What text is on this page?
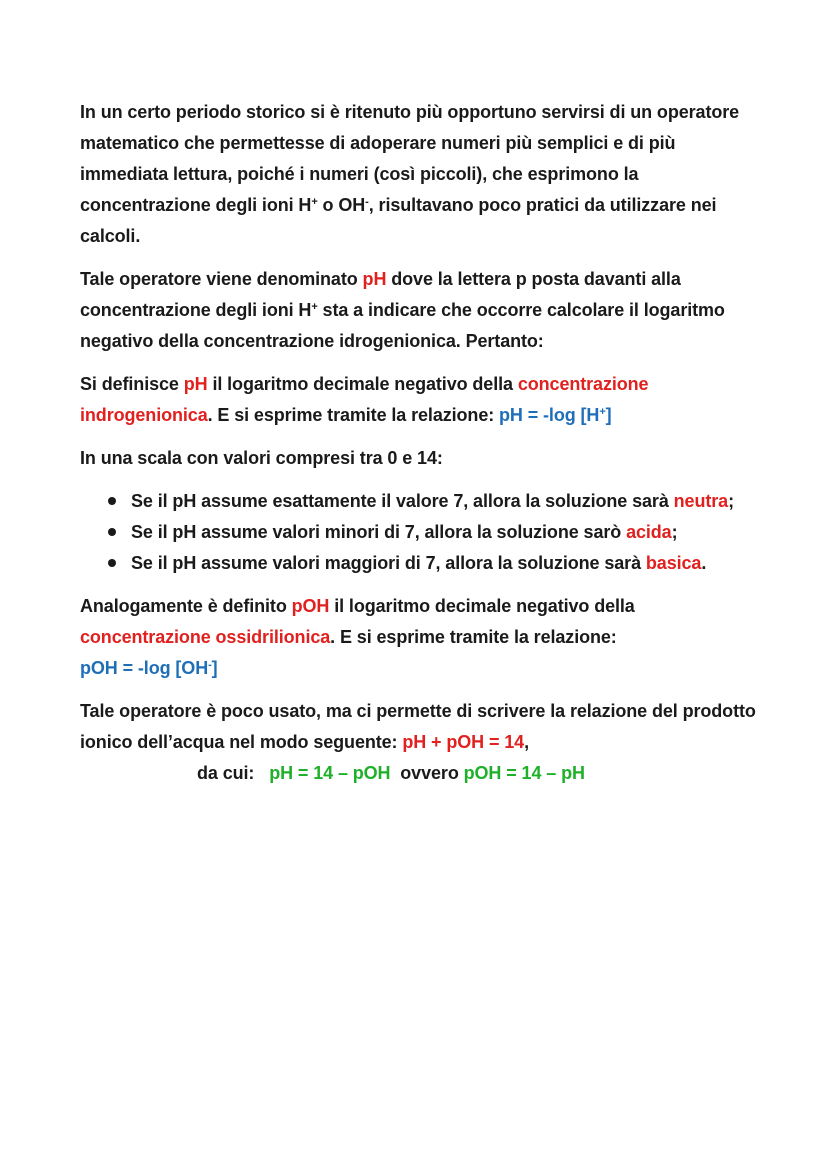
In un certo periodo storico si è ritenuto più opportuno servirsi di un operatore matematico che permettesse di adoperare numeri più semplici e di più immediata lettura, poiché i numeri (così piccoli), che esprimono la concentrazione degli ioni H+ o OH-, risultavano poco pratici da utilizzare nei calcoli.

Tale operatore viene denominato pH dove la lettera p posta davanti alla concentrazione degli ioni H+ sta a indicare che occorre calcolare il logaritmo negativo della concentrazione idrogenionica. Pertanto:

Si definisce pH il logaritmo decimale negativo della concentrazione indrogenionica. E si esprime tramite la relazione: pH = -log [H+]

In una scala con valori compresi tra 0 e 14:

Se il pH assume esattamente il valore 7, allora la soluzione sarà neutra;
Se il pH assume valori minori di 7, allora la soluzione sarò acida;
Se il pH assume valori maggiori di 7, allora la soluzione sarà basica.

Analogamente è definito pOH il logaritmo decimale negativo della concentrazione ossidrilionica. E si esprime tramite la relazione:
pOH = -log [OH-]

Tale operatore è poco usato, ma ci permette di scrivere la relazione del prodotto ionico dell’acqua nel modo seguente: pH + pOH = 14,
da cui: pH = 14 – pOH ovvero pOH = 14 – pH
